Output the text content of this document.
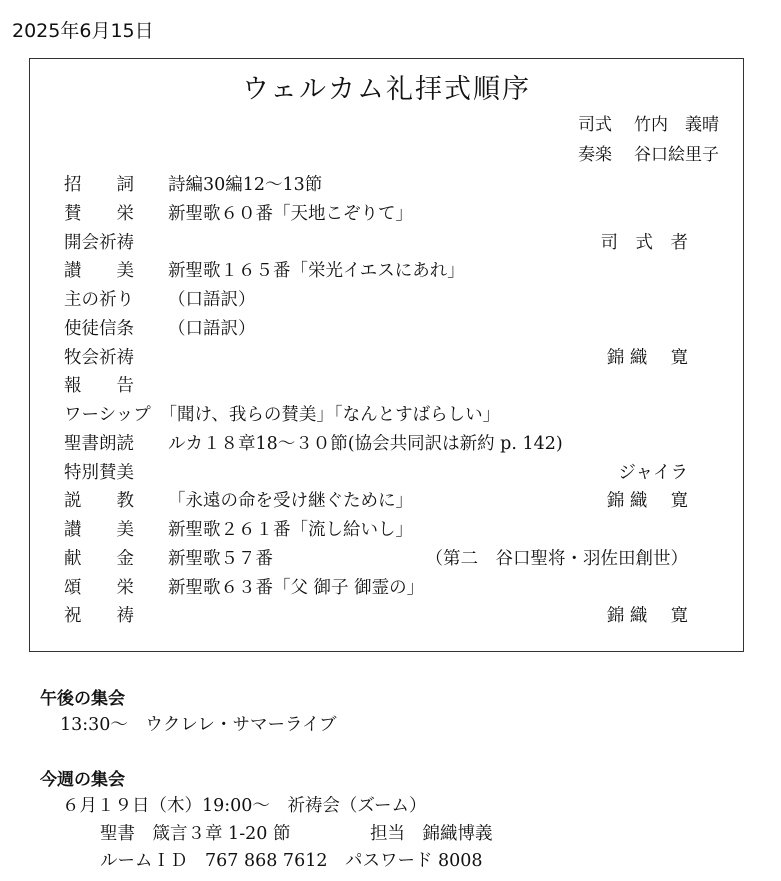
2025年6月15日
ウェルカム礼拝式順序
司式 竹内　義晴
奏楽 谷口絵里子
招　　詞 詩編30編12～13節
賛　　栄 新聖歌６０番「天地こぞりて」
開会祈祷	司　式　者
讃　　美 新聖歌１６５番「栄光イエスにあれ」
主の祈り （口語訳）
使徒信条 （口語訳）
牧会祈祷	錦 織　 寛
報　　告
ワーシップ　「聞け、我らの賛美」「なんとすばらしい」
聖書朗読 ルカ１８章18～３０節(協会共同訳は新約 p. 142)
特別賛美	ジャイラ
説　　教 「永遠の命を受け継ぐために」	錦 織　 寛
讃　　美 新聖歌２６１番「流し給いし」
献　　金 新聖歌５７番	（第二　谷口聖将・羽佐田創世）
頌　　栄 新聖歌６３番「父 御子 御霊の」
祝　　祷	錦 織　 寛
午後の集会
13:30～　ウクレレ・サマーライブ
今週の集会
６月１９日（木）19:00～　祈祷会（ズーム）
聖書　箴言３章 1-20 節	担当　錦織博義
ルームＩＤ　767 868 7612　パスワード 8008
